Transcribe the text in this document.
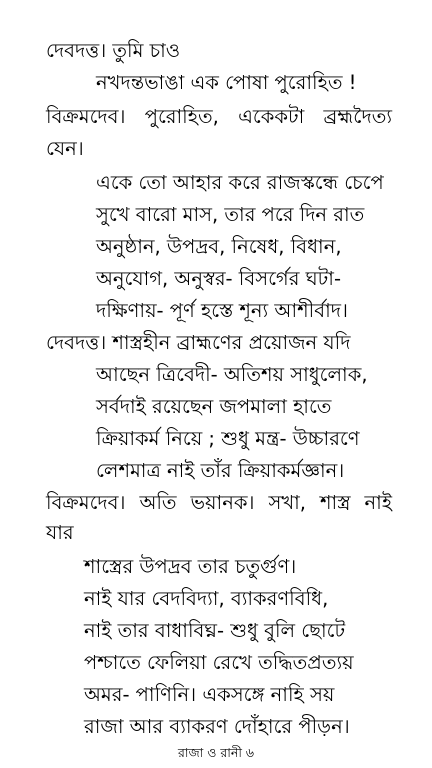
দেবদত্ত। তুমি চাও
নখদন্তভাঙা এক পোষা পুরোহিত !
বিক্রমদেব। পুরোহিত, একেকটা ব্রহ্মদৈত্য
যেন।
একে তো আহার করে রাজস্কন্ধে চেপে
সুখে বারো মাস, তার পরে দিন রাত
অনুষ্ঠান, উপদ্রব, নিষেধ, বিধান,
অনুযোগ, অনুস্বর- বিসর্গের ঘটা-
দক্ষিণায়- পূর্ণ হস্তে শূন্য আশীর্বাদ।
দেবদত্ত। শাস্ত্রহীন ব্রাহ্মণের প্রয়োজন যদি
আছেন ত্রিবেদী- অতিশয় সাধুলোক,
সর্বদাই রয়েছেন জপমালা হাতে
ক্রিয়াকর্ম নিয়ে ; শুধু মন্ত্র- উচ্চারণে
লেশমাত্র নাই তাঁর ক্রিয়াকর্মজ্ঞান।
বিক্রমদেব। অতি ভয়ানক। সখা, শাস্ত্র নাই
যার
শাস্ত্রের উপদ্রব তার চতুর্গুণ।
নাই যার বেদবিদ্যা, ব্যাকরণবিধি,
নাই তার বাধাবিঘ্ন- শুধু বুলি ছোটে
পশ্চাতে ফেলিয়া রেখে তদ্ধিতপ্রত্যয়
অমর- পাণিনি। একসঙ্গে নাহি সয়
রাজা আর ব্যাকরণ দোঁহারে পীড়ন।
রাজা ও রানী ৬
